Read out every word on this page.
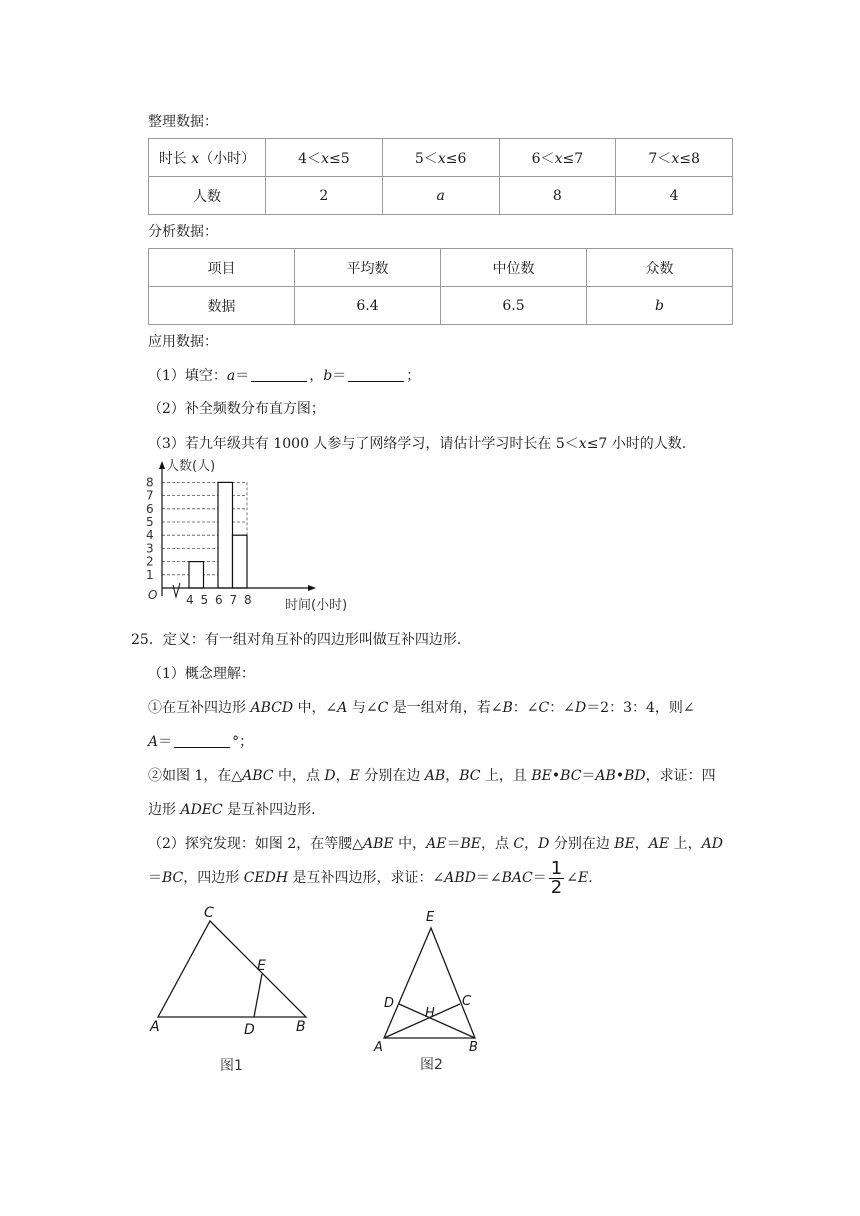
整理数据：
时长 x（小时）	4＜x≤5	5＜x≤6	6＜x≤7	7＜x≤8
人数	2	a	8	4
分析数据：
项目	平均数	中位数	众数
数据	6.4	6.5	b
应用数据：
（1）填空：a＝	，b＝	；
（2）补全频数分布直方图；
（3）若九年级共有 1000 人参与了网络学习，请估计学习时长在 5＜x≤7 小时的人数.
1
2
3
4
5
6
7
8
4 5 6 7 8
人数(人)
时间(小时)
O
25．定义：有一组对角互补的四边形叫做互补四边形.
（1）概念理解：
①在互补四边形 ABCD 中，∠A 与∠C 是一组对角，若∠B：∠C：∠D＝2：3：4，则∠
A＝	°；
②如图 1，在△ABC 中，点 D，E 分别在边 AB，BC 上，且 BE•BC＝AB•BD，求证：四
边形 ADEC 是互补四边形.
（2）探究发现：如图 2，在等腰△ABE 中，AE＝BE，点 C，D 分别在边 BE，AE 上，AD
＝BC，四边形 CEDH 是互补四边形，求证：∠ABD＝∠BAC＝ $\frac{1}{2}$ ∠E.
A
C
E
D	B
图1
E
D	C
H
A	B
图2
